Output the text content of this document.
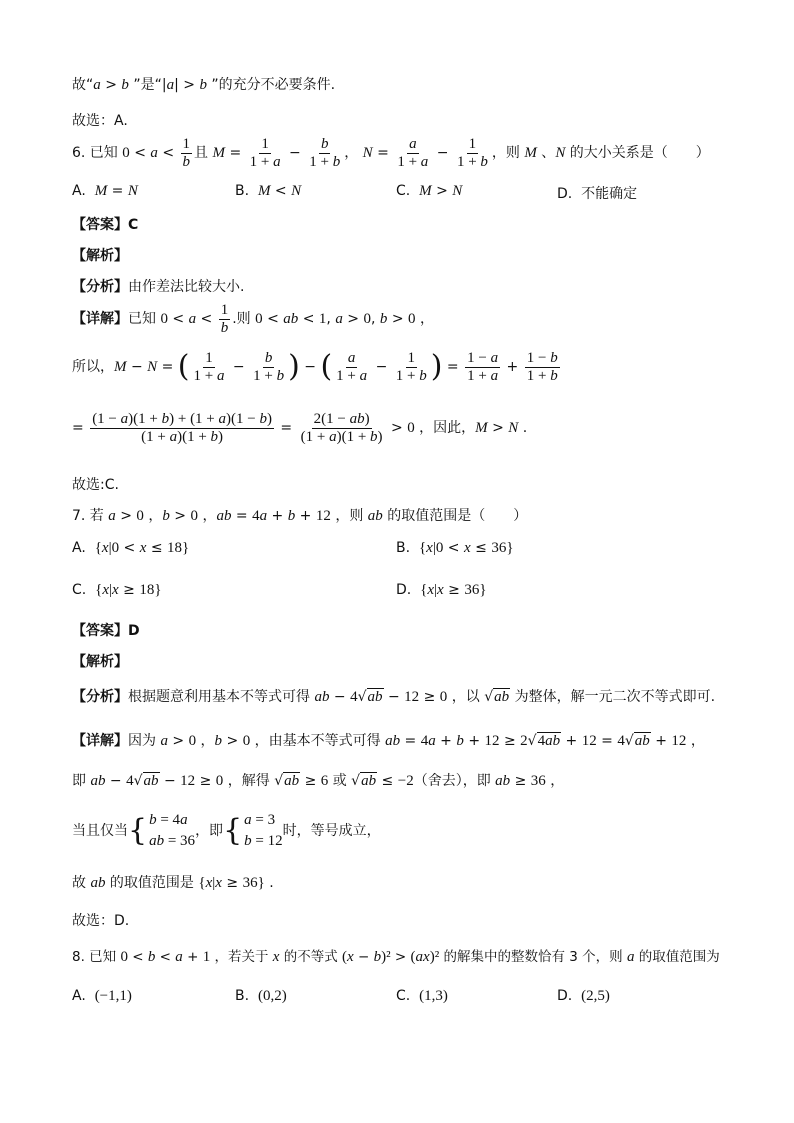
故“a > b ”是“|a| > b ”的充分不必要条件.
故选：A.
6. 已知 $0 < a < \frac{1}{b}$ 且 $M = \frac{1}{1 + a} - \frac{b}{1 + b}$ ， $N = \frac{a}{1 + a} - \frac{1}{1 + b}$ ，则 M 、N 的大小关系是（　　）
A.  M = N	B.  M < N	C.  M > N	D.  不能确定
【答案】C
【解析】
【分析】由作差法比较大小.
【详解】已知 $0 < a < \frac{1}{b}$ .则 0 < ab < 1, a > 0, b > 0 ，
所以，M − N = ( $\frac{1}{1 + a} - \frac{b}{1 + b}$ ) − ( $\frac{a}{1 + a} - \frac{1}{1 + b}$ ) = $\frac{1 - a}{1 + a} + \frac{1 - b}{1 + b}$
= $\frac{(1 - a)(1 + b) + (1 + a)(1 - b)}{(1 + a)(1 + b)} = \frac{2(1 - ab)}{(1 + a)(1 + b)} > 0$ ，因此，M > N .
故选:C.
7. 若 a > 0 ，b > 0 ，ab = 4a + b + 12 ，则 ab 的取值范围是（　　）
A.  {x|0 < x ≤ 18}	B.  {x|0 < x ≤ 36}
C.  {x|x ≥ 18}	D.  {x|x ≥ 36}
【答案】D
【解析】
【分析】根据题意利用基本不等式可得 ab − 4√ab − 12 ≥ 0 ，以 √ab 为整体，解一元二次不等式即可.
【详解】因为 a > 0 ，b > 0 ，由基本不等式可得 ab = 4a + b + 12 ≥ 2√4ab + 12 = 4√ab + 12 ，
即 ab − 4√ab − 12 ≥ 0 ，解得 √ab ≥ 6 或 √ab ≤ −2（舍去），即 ab ≥ 36 ，
当且仅当{ b = 4a
ab = 36
，即{ a = 3
b = 12
时，等号成立，
故 ab 的取值范围是 {x|x ≥ 36} .
故选：D.
8. 已知 0 < b < a + 1 ，若关于 x 的不等式 (x − b)² > (ax)² 的解集中的整数恰有 3 个，则 a 的取值范围为
A.  (−1,1)	B.  (0,2)	C.  (1,3)	D.  (2,5)
